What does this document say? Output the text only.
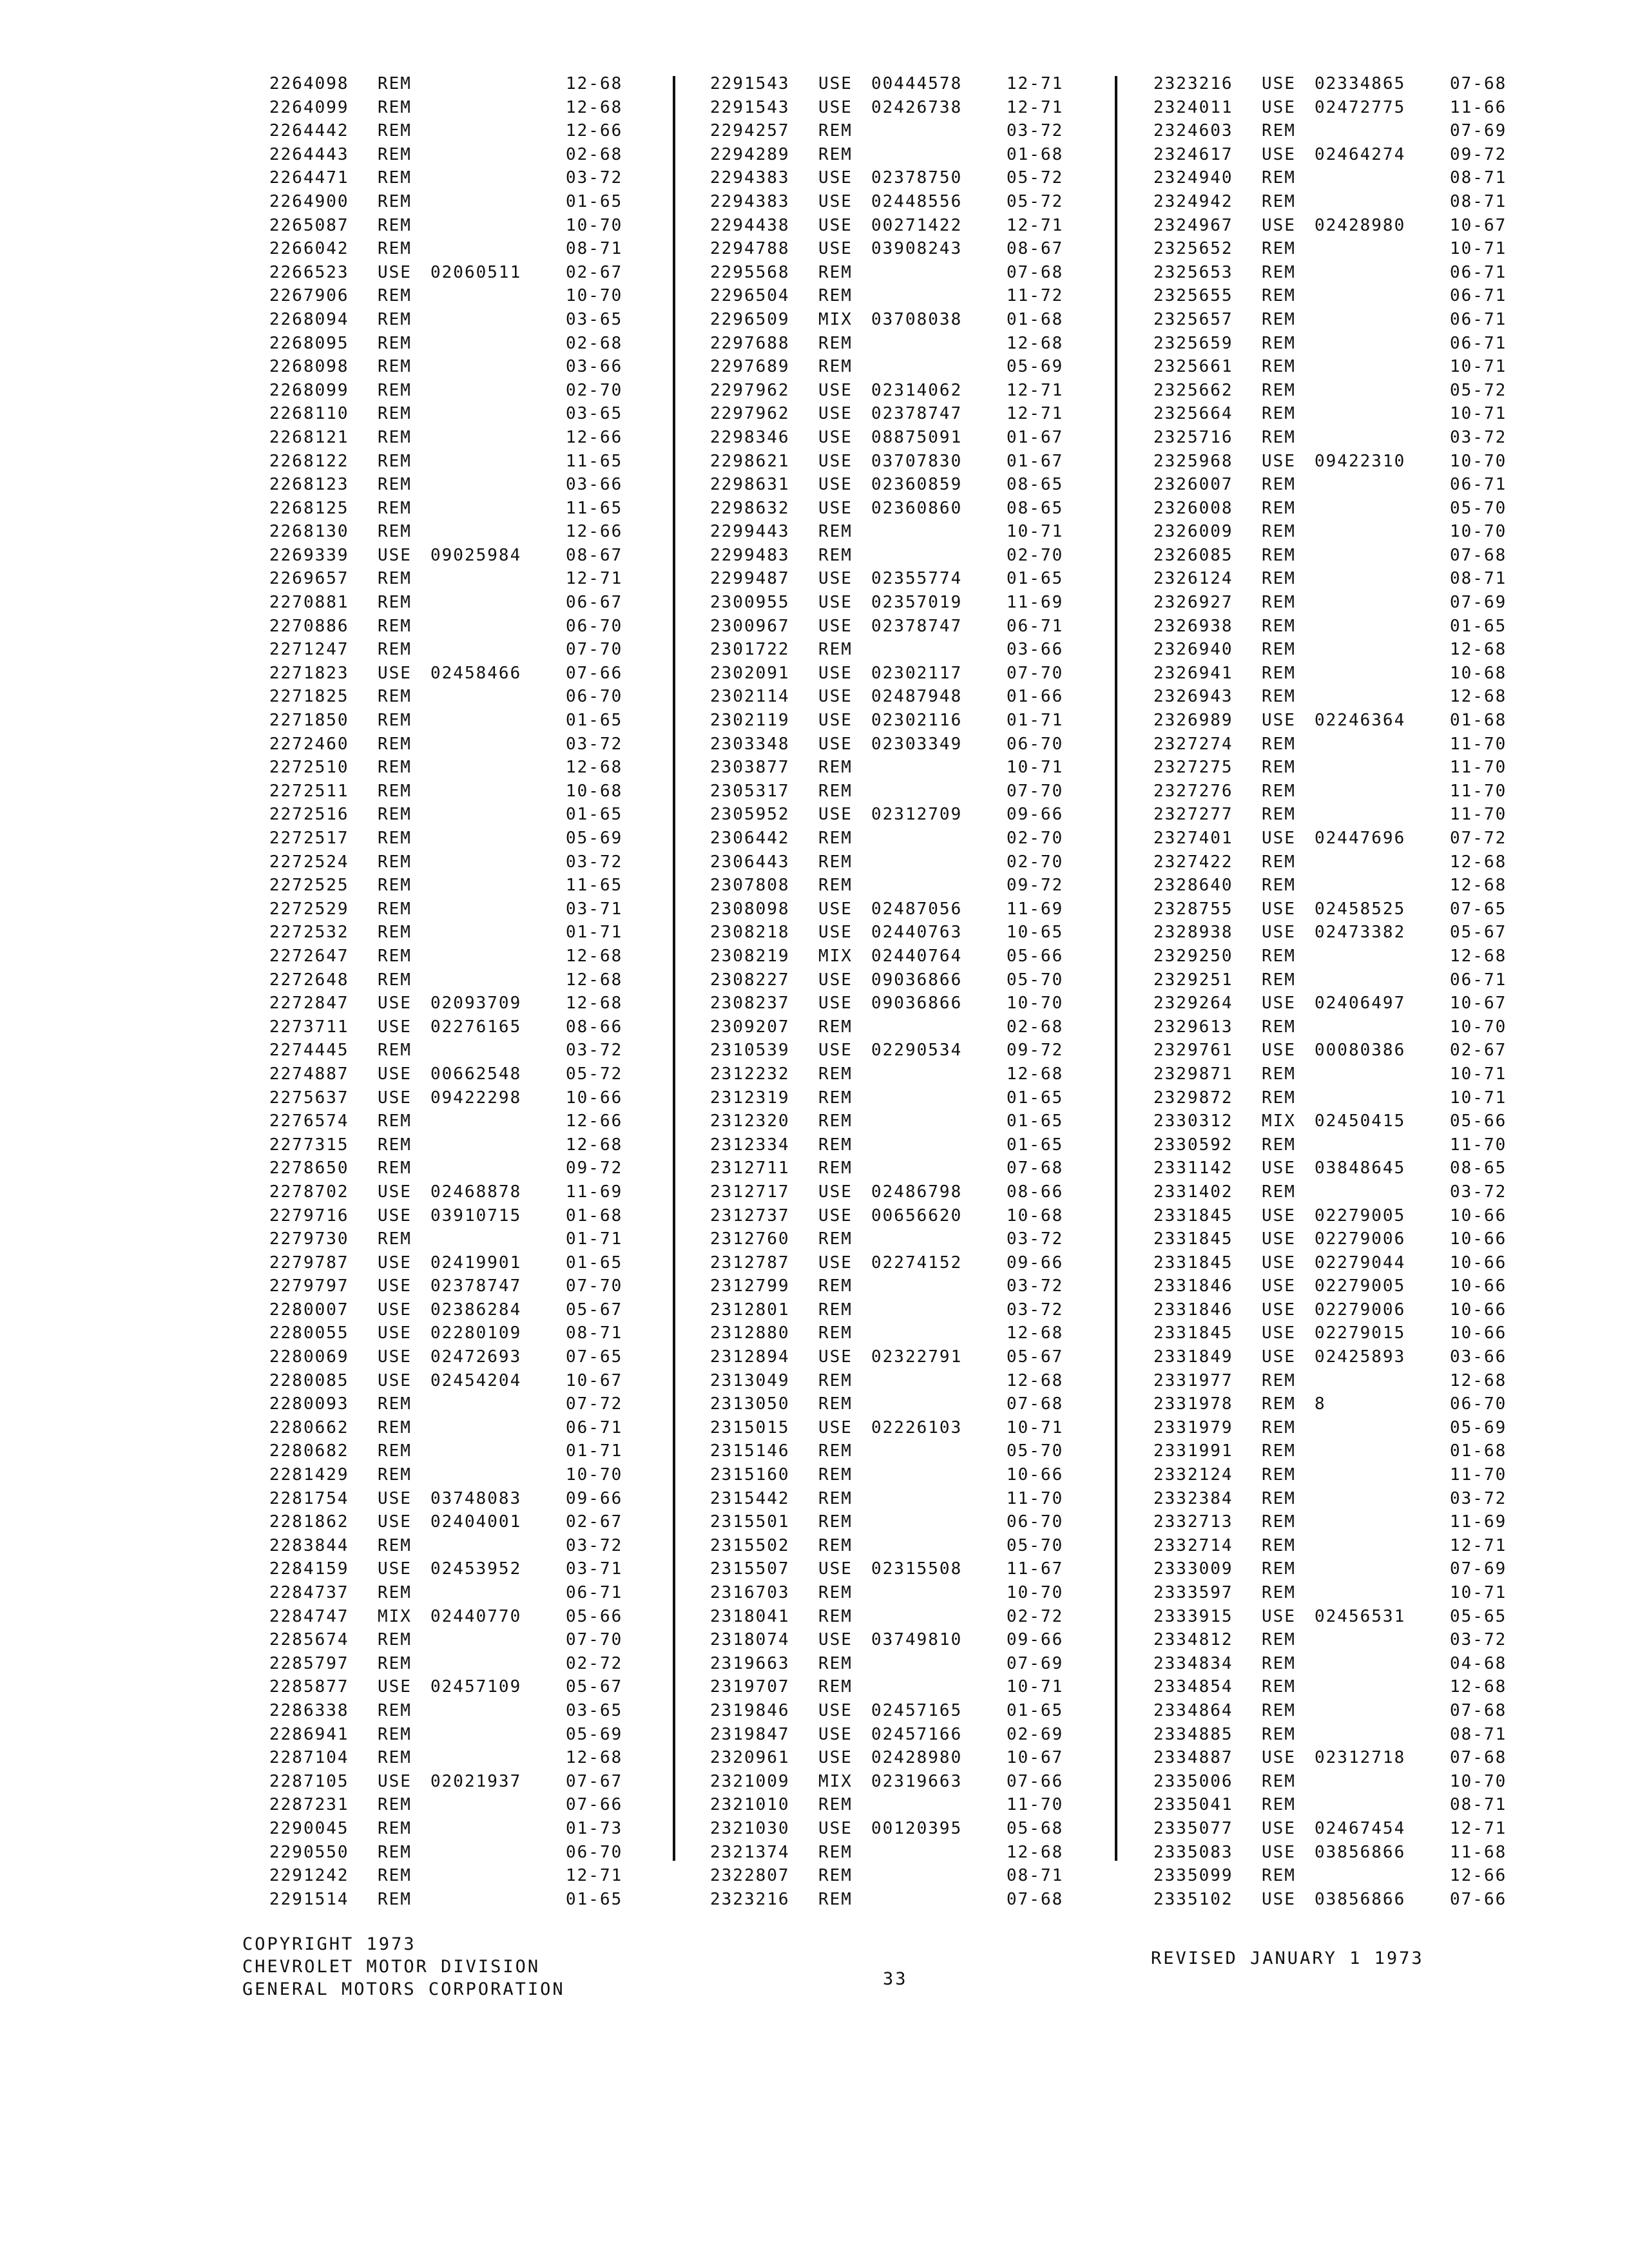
2264098 REM	12-68
2264099 REM	12-68
2264442 REM	12-66
2264443 REM	02-68
2264471 REM	03-72
2264900 REM	01-65
2265087 REM	10-70
2266042 REM	08-71
2266523 USE 02060511	02-67
2267906 REM	10-70
2268094 REM	03-65
2268095 REM	02-68
2268098 REM	03-66
2268099 REM	02-70
2268110 REM	03-65
2268121 REM	12-66
2268122 REM	11-65
2268123 REM	03-66
2268125 REM	11-65
2268130 REM	12-66
2269339 USE 09025984	08-67
2269657 REM	12-71
2270881 REM	06-67
2270886 REM	06-70
2271247 REM	07-70
2271823 USE 02458466	07-66
2271825 REM	06-70
2271850 REM	01-65
2272460 REM	03-72
2272510 REM	12-68
2272511 REM	10-68
2272516 REM	01-65
2272517 REM	05-69
2272524 REM	03-72
2272525 REM	11-65
2272529 REM	03-71
2272532 REM	01-71
2272647 REM	12-68
2272648 REM	12-68
2272847 USE 02093709	12-68
2273711 USE 02276165	08-66
2274445 REM	03-72
2274887 USE 00662548	05-72
2275637 USE 09422298	10-66
2276574 REM	12-66
2277315 REM	12-68
2278650 REM	09-72
2278702 USE 02468878	11-69
2279716 USE 03910715	01-68
2279730 REM	01-71
2279787 USE 02419901	01-65
2279797 USE 02378747	07-70
2280007 USE 02386284	05-67
2280055 USE 02280109	08-71
2280069 USE 02472693	07-65
2280085 USE 02454204	10-67
2280093 REM	07-72
2280662 REM	06-71
2280682 REM	01-71
2281429 REM	10-70
2281754 USE 03748083	09-66
2281862 USE 02404001	02-67
2283844 REM	03-72
2284159 USE 02453952	03-71
2284737 REM	06-71
2284747 MIX 02440770	05-66
2285674 REM	07-70
2285797 REM	02-72
2285877 USE 02457109	05-67
2286338 REM	03-65
2286941 REM	05-69
2287104 REM	12-68
2287105 USE 02021937	07-67
2287231 REM	07-66
2290045 REM	01-73
2290550 REM	06-70
2291242 REM	12-71
2291514 REM	01-65
2291543 USE 00444578	12-71
2291543 USE 02426738	12-71
2294257 REM	03-72
2294289 REM	01-68
2294383 USE 02378750	05-72
2294383 USE 02448556	05-72
2294438 USE 00271422	12-71
2294788 USE 03908243	08-67
2295568 REM	07-68
2296504 REM	11-72
2296509 MIX 03708038	01-68
2297688 REM	12-68
2297689 REM	05-69
2297962 USE 02314062	12-71
2297962 USE 02378747	12-71
2298346 USE 08875091	01-67
2298621 USE 03707830	01-67
2298631 USE 02360859	08-65
2298632 USE 02360860	08-65
2299443 REM	10-71
2299483 REM	02-70
2299487 USE 02355774	01-65
2300955 USE 02357019	11-69
2300967 USE 02378747	06-71
2301722 REM	03-66
2302091 USE 02302117	07-70
2302114 USE 02487948	01-66
2302119 USE 02302116	01-71
2303348 USE 02303349	06-70
2303877 REM	10-71
2305317 REM	07-70
2305952 USE 02312709	09-66
2306442 REM	02-70
2306443 REM	02-70
2307808 REM	09-72
2308098 USE 02487056	11-69
2308218 USE 02440763	10-65
2308219 MIX 02440764	05-66
2308227 USE 09036866	05-70
2308237 USE 09036866	10-70
2309207 REM	02-68
2310539 USE 02290534	09-72
2312232 REM	12-68
2312319 REM	01-65
2312320 REM	01-65
2312334 REM	01-65
2312711 REM	07-68
2312717 USE 02486798	08-66
2312737 USE 00656620	10-68
2312760 REM	03-72
2312787 USE 02274152	09-66
2312799 REM	03-72
2312801 REM	03-72
2312880 REM	12-68
2312894 USE 02322791	05-67
2313049 REM	12-68
2313050 REM	07-68
2315015 USE 02226103	10-71
2315146 REM	05-70
2315160 REM	10-66
2315442 REM	11-70
2315501 REM	06-70
2315502 REM	05-70
2315507 USE 02315508	11-67
2316703 REM	10-70
2318041 REM	02-72
2318074 USE 03749810	09-66
2319663 REM	07-69
2319707 REM	10-71
2319846 USE 02457165	01-65
2319847 USE 02457166	02-69
2320961 USE 02428980	10-67
2321009 MIX 02319663	07-66
2321010 REM	11-70
2321030 USE 00120395	05-68
2321374 REM	12-68
2322807 REM	08-71
2323216 REM	07-68
2323216 USE 02334865	07-68
2324011 USE 02472775	11-66
2324603 REM	07-69
2324617 USE 02464274	09-72
2324940 REM	08-71
2324942 REM	08-71
2324967 USE 02428980	10-67
2325652 REM	10-71
2325653 REM	06-71
2325655 REM	06-71
2325657 REM	06-71
2325659 REM	06-71
2325661 REM	10-71
2325662 REM	05-72
2325664 REM	10-71
2325716 REM	03-72
2325968 USE 09422310	10-70
2326007 REM	06-71
2326008 REM	05-70
2326009 REM	10-70
2326085 REM	07-68
2326124 REM	08-71
2326927 REM	07-69
2326938 REM	01-65
2326940 REM	12-68
2326941 REM	10-68
2326943 REM	12-68
2326989 USE 02246364	01-68
2327274 REM	11-70
2327275 REM	11-70
2327276 REM	11-70
2327277 REM	11-70
2327401 USE 02447696	07-72
2327422 REM	12-68
2328640 REM	12-68
2328755 USE 02458525	07-65
2328938 USE 02473382	05-67
2329250 REM	12-68
2329251 REM	06-71
2329264 USE 02406497	10-67
2329613 REM	10-70
2329761 USE 00080386	02-67
2329871 REM	10-71
2329872 REM	10-71
2330312 MIX 02450415	05-66
2330592 REM	11-70
2331142 USE 03848645	08-65
2331402 REM	03-72
2331845 USE 02279005	10-66
2331845 USE 02279006	10-66
2331845 USE 02279044	10-66
2331846 USE 02279005	10-66
2331846 USE 02279006	10-66
2331845 USE 02279015	10-66
2331849 USE 02425893	03-66
2331977 REM	12-68
2331978 REM 8	06-70
2331979 REM	05-69
2331991 REM	01-68
2332124 REM	11-70
2332384 REM	03-72
2332713 REM	11-69
2332714 REM	12-71
2333009 REM	07-69
2333597 REM	10-71
2333915 USE 02456531	05-65
2334812 REM	03-72
2334834 REM	04-68
2334854 REM	12-68
2334864 REM	07-68
2334885 REM	08-71
2334887 USE 02312718	07-68
2335006 REM	10-70
2335041 REM	08-71
2335077 USE 02467454	12-71
2335083 USE 03856866	11-68
2335099 REM	12-66
2335102 USE 03856866	07-66
COPYRIGHT 1973
CHEVROLET MOTOR DIVISION
GENERAL MOTORS CORPORATION
33
REVISED JANUARY 1 1973
